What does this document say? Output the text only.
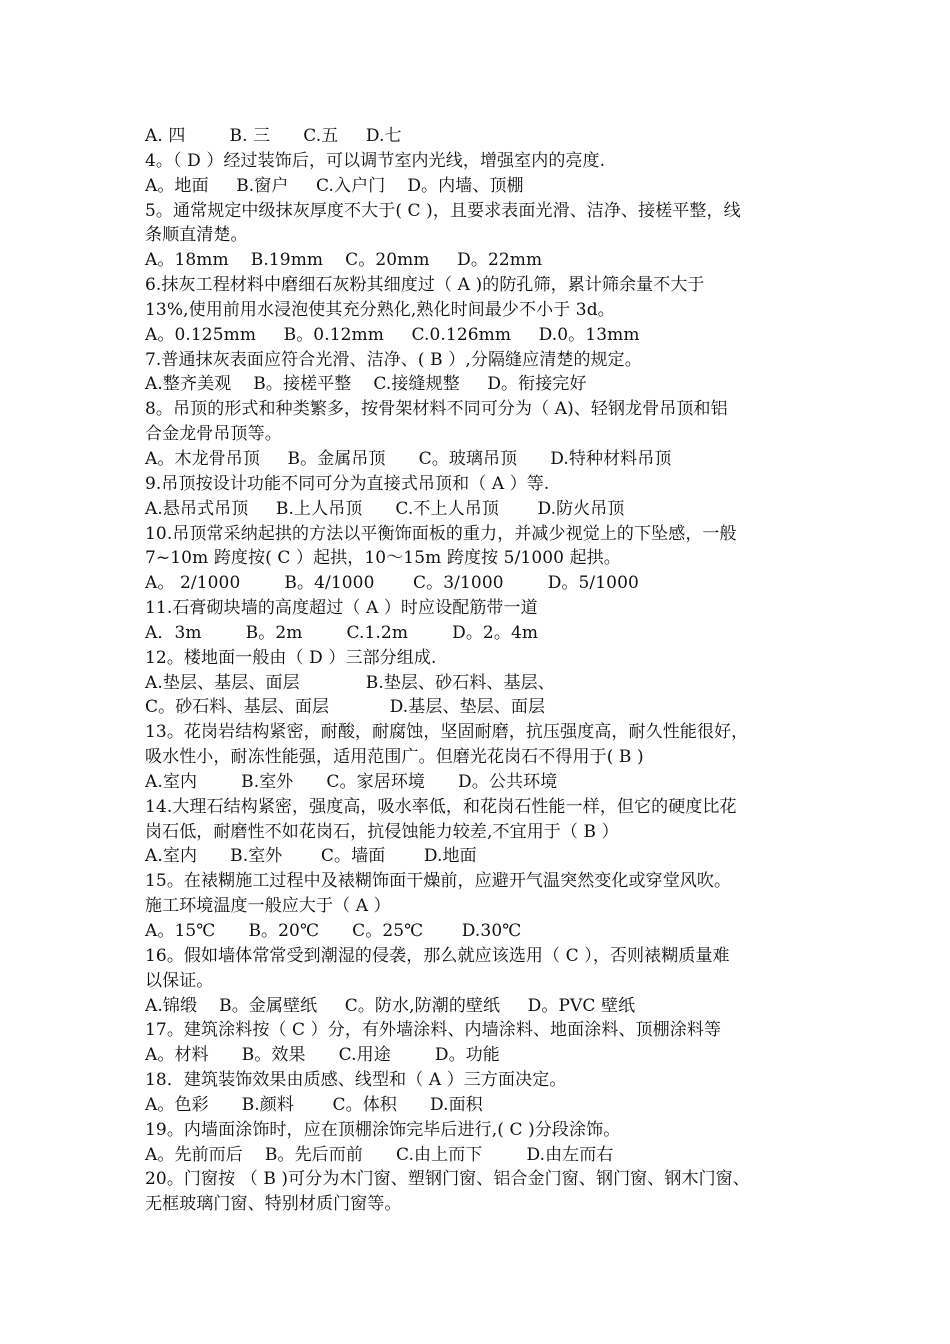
A. 四        B. 三      C.五     D.七
4。（ D ）经过装饰后，可以调节室内光线，增强室内的亮度.
A。地面     B.窗户     C.入户门    D。内墙、顶棚
5。通常规定中级抹灰厚度不大于( C )，且要求表面光滑、洁净、接槎平整，线
条顺直清楚。
A。18mm    B.19mm    C。20mm     D。22mm
6.抹灰工程材料中磨细石灰粉其细度过（ A )的防孔筛，累计筛余量不大于
13%,使用前用水浸泡使其充分熟化,熟化时间最少不小于 3d。
A。0.125mm     B。0.12mm     C.0.126mm     D.0。13mm
7.普通抹灰表面应符合光滑、洁净、( B ）,分隔缝应清楚的规定。
A.整齐美观    B。接槎平整    C.接缝规整     D。衔接完好
8。吊顶的形式和种类繁多，按骨架材料不同可分为（ A)、轻钢龙骨吊顶和铝
合金龙骨吊顶等。
A。木龙骨吊顶     B。金属吊顶      C。玻璃吊顶      D.特种材料吊顶
9.吊顶按设计功能不同可分为直接式吊顶和（ A ）等.
A.悬吊式吊顶     B.上人吊顶      C.不上人吊顶       D.防火吊顶
10.吊顶常采纳起拱的方法以平衡饰面板的重力，并减少视觉上的下坠感，一般
7~10m 跨度按( C ）起拱，10～15m 跨度按 5/1000 起拱。
A。 2/1000        B。4/1000       C。3/1000        D。5/1000
11.石膏砌块墙的高度超过（ A ）时应设配筋带一道
A．3m        B。2m        C.1.2m        D。2。4m
12。楼地面一般由（ D ）三部分组成.
A.垫层、基层、面层            B.垫层、砂石料、基层、
C。砂石料、基层、面层           D.基层、垫层、面层
13。花岗岩结构紧密，耐酸，耐腐蚀，坚固耐磨，抗压强度高，耐久性能很好，
吸水性小，耐冻性能强，适用范围广。但磨光花岗石不得用于( B )
A.室内        B.室外      C。家居环境      D。公共环境
14.大理石结构紧密，强度高，吸水率低，和花岗石性能一样，但它的硬度比花
岗石低，耐磨性不如花岗石，抗侵蚀能力较差,不宜用于（ B ）
A.室内      B.室外       C。墙面       D.地面
15。在裱糊施工过程中及裱糊饰面干燥前，应避开气温突然变化或穿堂风吹。
施工环境温度一般应大于（ A ）
A。15℃      B。20℃      C。25℃       D.30℃
16。假如墙体常常受到潮湿的侵袭，那么就应该选用（ C ），否则裱糊质量难
以保证。
A.锦缎    B。金属壁纸     C。防水,防潮的壁纸     D。PVC 壁纸
17。建筑涂料按（ C ）分，有外墙涂料、内墙涂料、地面涂料、顶棚涂料等
A。材料      B。效果      C.用途        D。功能
18．建筑装饰效果由质感、线型和（ A ）三方面决定。
A。色彩      B.颜料       C。体积      D.面积
19。内墙面涂饰时，应在顶棚涂饰完毕后进行,( C )分段涂饰。
A。先前而后    B。先后而前      C.由上而下        D.由左而右
20。门窗按 （ B )可分为木门窗、塑钢门窗、铝合金门窗、钢门窗、钢木门窗、
无框玻璃门窗、特别材质门窗等。
